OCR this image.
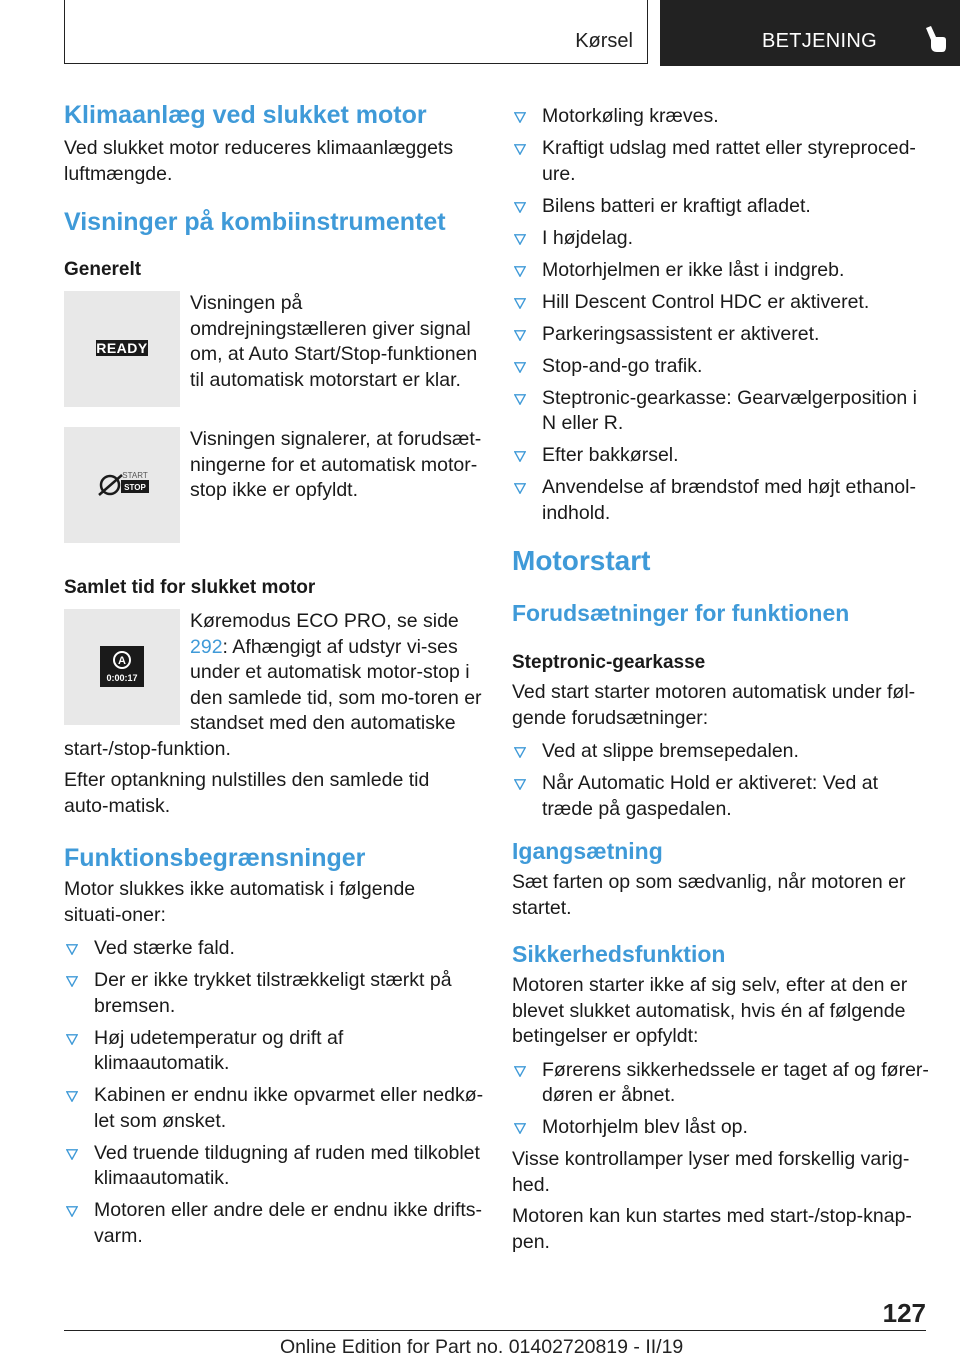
Kørsel	BETJENING
Klimaanlæg ved slukket motor

Ved slukket motor reduceres klimaanlæggets luftmængde.

Visninger på kombiinstrumentet
Generelt
READY

Visningen på omdrejningstælleren giver signal om, at Auto Start/Stop-funktionen til automatisk motorstart er klar.

START
STOP

Visningen signalerer, at forudsæt-ningerne for et automatisk motor-stop ikke er opfyldt.

Samlet tid for slukket motor
A
0:00:17

Køremodus ECO PRO, se side 292: Afhængigt af udstyr vi-ses under et automatisk motor-stop i den samlede tid, som mo-toren er standset med den automatiske start-/stop-funktion.

Efter optankning nulstilles den samlede tid auto-matisk.

Funktionsbegrænsninger

Motor slukkes ikke automatisk i følgende situati-oner:

Ved stærke fald.
Der er ikke trykket tilstrækkeligt stærkt på bremsen.
Høj udetemperatur og drift af klimaautomatik.
Kabinen er endnu ikke opvarmet eller nedkø-let som ønsket.
Ved truende tildugning af ruden med tilkoblet klimaautomatik.
Motoren eller andre dele er endnu ikke drifts-varm.
Motorkøling kræves.
Kraftigt udslag med rattet eller styreproced-ure.
Bilens batteri er kraftigt afladet.
I højdelag.
Motorhjelmen er ikke låst i indgreb.
Hill Descent Control HDC er aktiveret.
Parkeringsassistent er aktiveret.
Stop-and-go trafik.
Steptronic-gearkasse: Gearvælgerposition i N eller R.
Efter bakkørsel.
Anvendelse af brændstof med højt ethanol-indhold.
Motorstart
Forudsætninger for funktionen
Steptronic-gearkasse

Ved start starter motoren automatisk under føl-gende forudsætninger:

Ved at slippe bremsepedalen.
Når Automatic Hold er aktiveret: Ved at træde på gaspedalen.
Igangsætning

Sæt farten op som sædvanlig, når motoren er startet.

Sikkerhedsfunktion

Motoren starter ikke af sig selv, efter at den er blevet slukket automatisk, hvis én af følgende betingelser er opfyldt:

Førerens sikkerhedssele er taget af og fører-døren er åbnet.
Motorhjelm blev låst op.

Visse kontrollamper lyser med forskellig varig-hed.

Motoren kan kun startes med start-/stop-knap-pen.

127
Online Edition for Part no. 01402720819 - II/19
